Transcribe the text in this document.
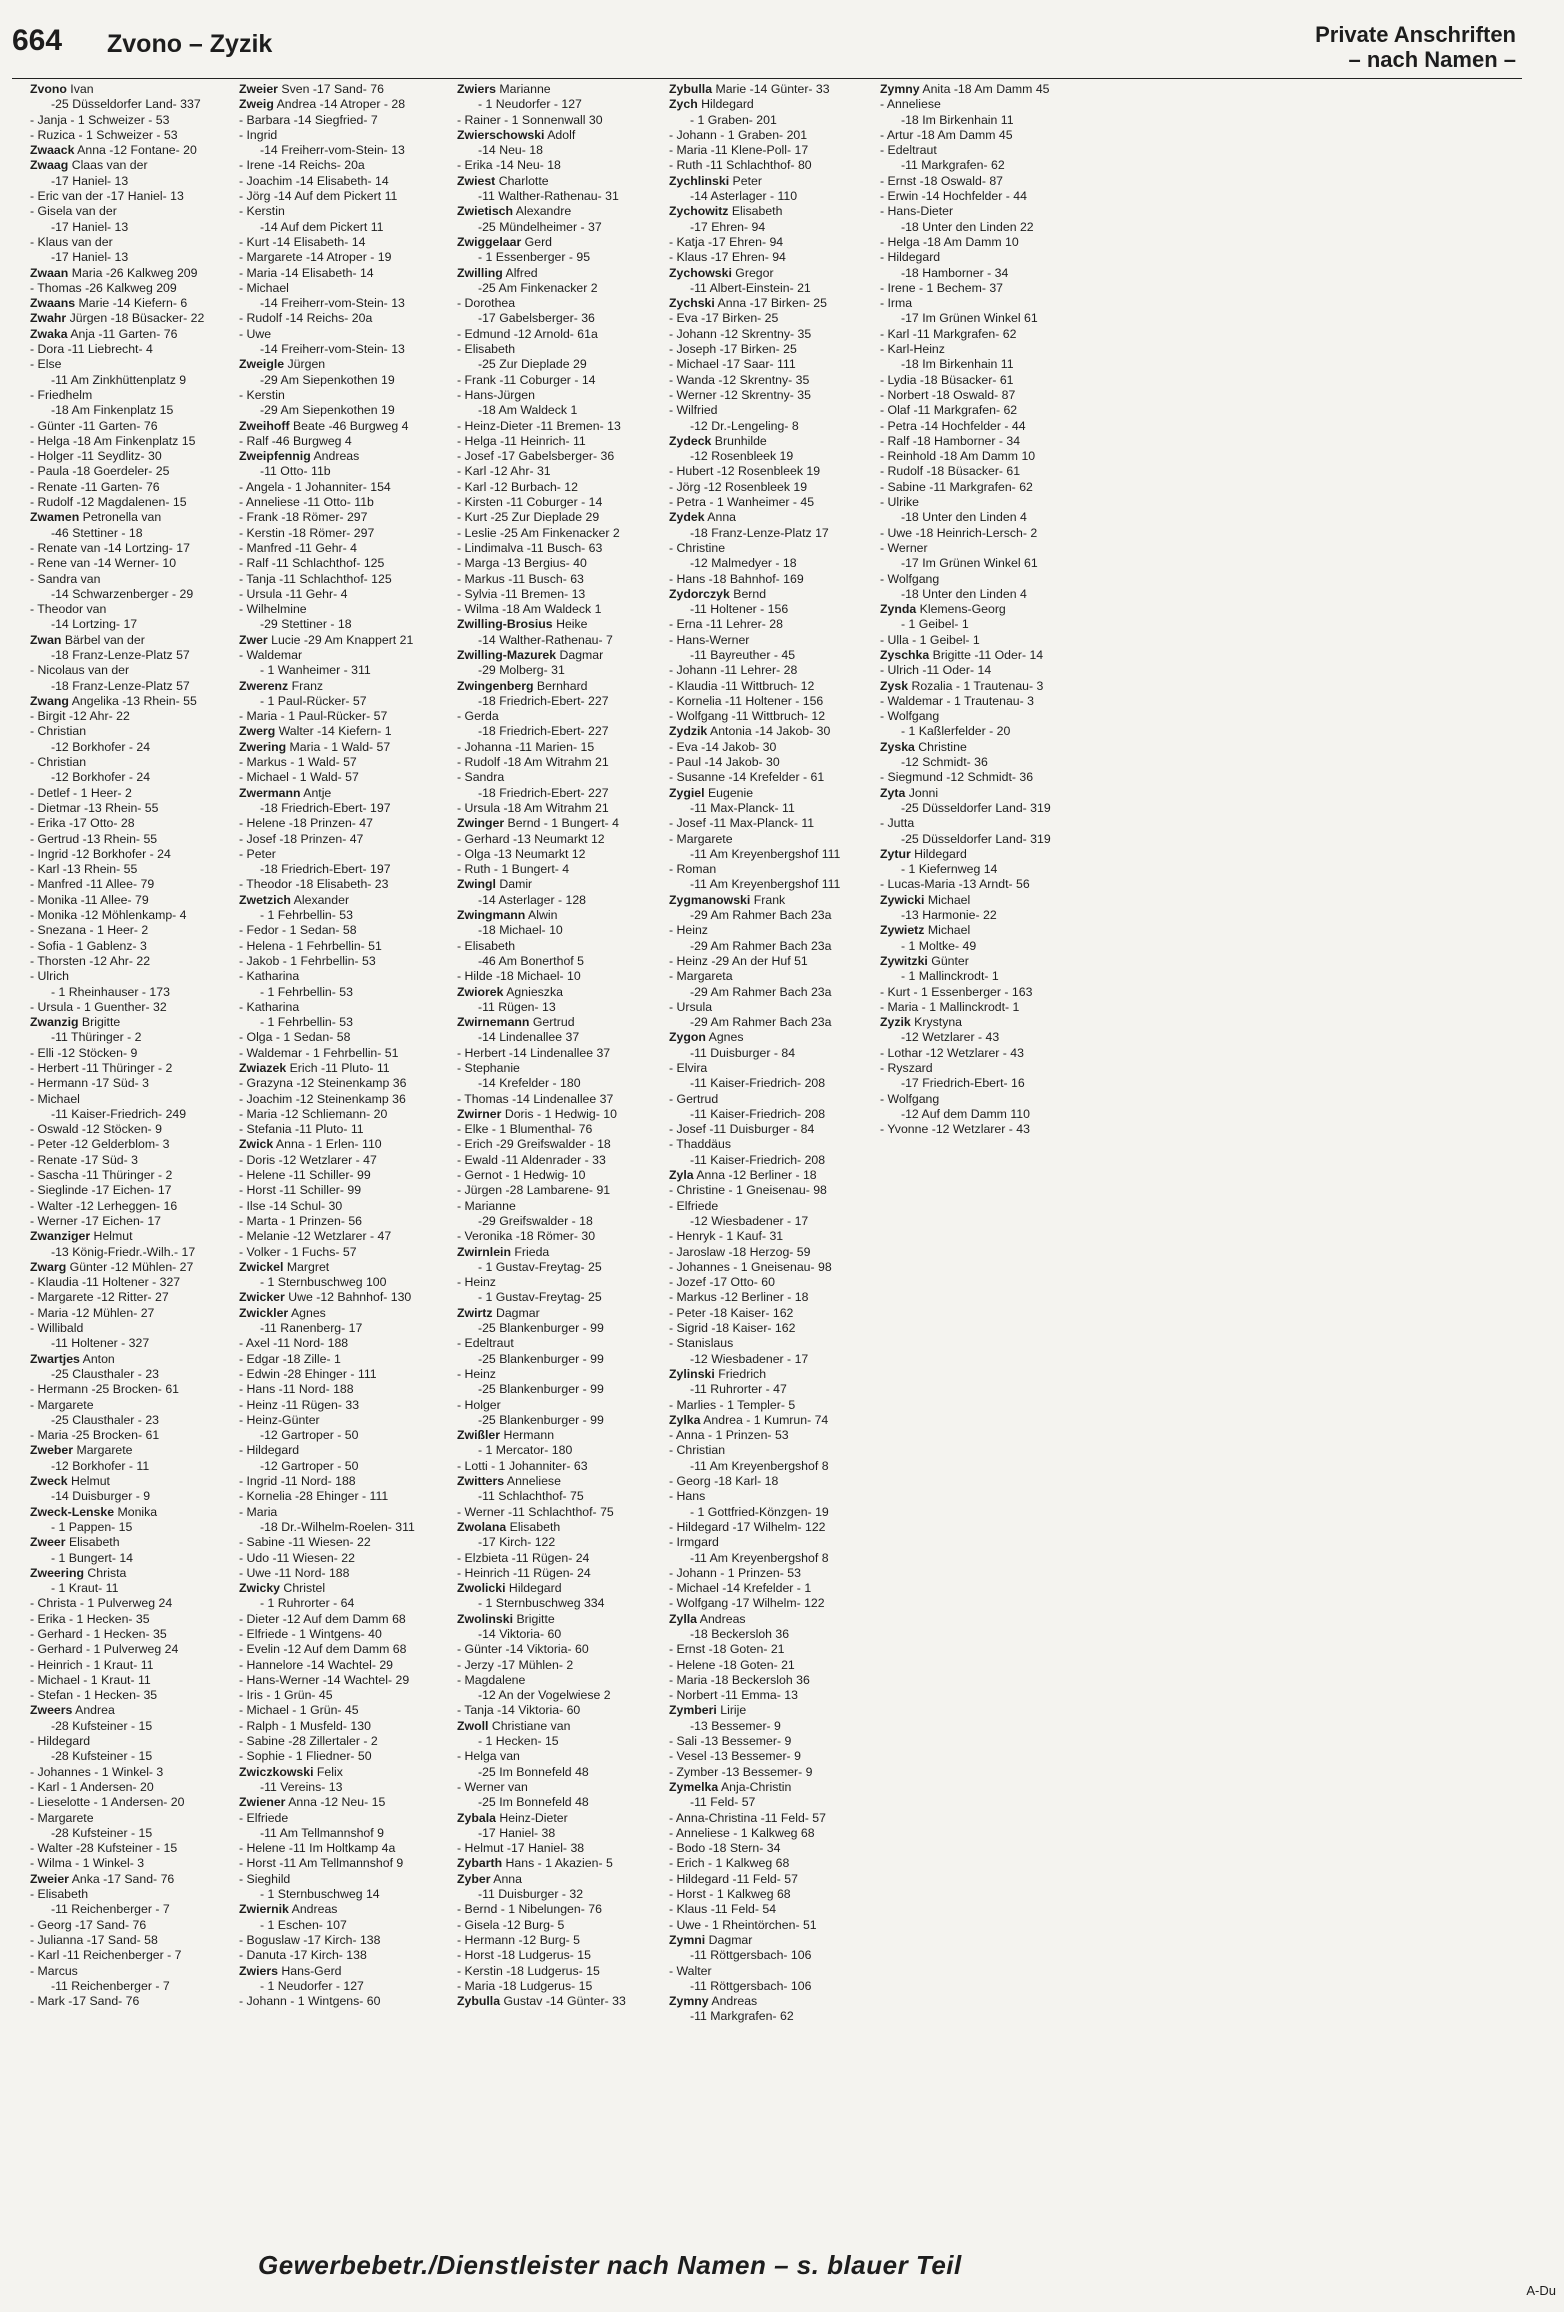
664 Zvono – Zyzik	Private Anschriften
– nach Namen –
Zvono Ivan
-25 Düsseldorfer Land- 337
- Janja - 1 Schweizer - 53
- Ruzica - 1 Schweizer - 53
Zwaack Anna -12 Fontane- 20
Zwaag Claas van der
-17 Haniel- 13
- Eric van der -17 Haniel- 13
- Gisela van der
-17 Haniel- 13
- Klaus van der
-17 Haniel- 13
Zwaan Maria -26 Kalkweg 209
- Thomas -26 Kalkweg 209
Zwaans Marie -14 Kiefern- 6
Zwahr Jürgen -18 Büsacker- 22
Zwaka Anja -11 Garten- 76
- Dora -11 Liebrecht- 4
- Else
-11 Am Zinkhüttenplatz 9
- Friedhelm
-18 Am Finkenplatz 15
- Günter -11 Garten- 76
- Helga -18 Am Finkenplatz 15
- Holger -11 Seydlitz- 30
- Paula -18 Goerdeler- 25
- Renate -11 Garten- 76
- Rudolf -12 Magdalenen- 15
Zwamen Petronella van
-46 Stettiner - 18
- Renate van -14 Lortzing- 17
- Rene van -14 Werner- 10
- Sandra van
-14 Schwarzenberger - 29
- Theodor van
-14 Lortzing- 17
Zwan Bärbel van der
-18 Franz-Lenze-Platz 57
- Nicolaus van der
-18 Franz-Lenze-Platz 57
Zwang Angelika -13 Rhein- 55
- Birgit -12 Ahr- 22
- Christian
-12 Borkhofer - 24
- Christian
-12 Borkhofer - 24
- Detlef - 1 Heer- 2
- Dietmar -13 Rhein- 55
- Erika -17 Otto- 28
- Gertrud -13 Rhein- 55
- Ingrid -12 Borkhofer - 24
- Karl -13 Rhein- 55
- Manfred -11 Allee- 79
- Monika -11 Allee- 79
- Monika -12 Möhlenkamp- 4
- Snezana - 1 Heer- 2
- Sofia - 1 Gablenz- 3
- Thorsten -12 Ahr- 22
- Ulrich
- 1 Rheinhauser - 173
- Ursula - 1 Guenther- 32
Zwanzig Brigitte
-11 Thüringer - 2
- Elli -12 Stöcken- 9
- Herbert -11 Thüringer - 2
- Hermann -17 Süd- 3
- Michael
-11 Kaiser-Friedrich- 249
- Oswald -12 Stöcken- 9
- Peter -12 Gelderblom- 3
- Renate -17 Süd- 3
- Sascha -11 Thüringer - 2
- Sieglinde -17 Eichen- 17
- Walter -12 Lerheggen- 16
- Werner -17 Eichen- 17
Zwanziger Helmut
-13 König-Friedr.-Wilh.- 17
Zwarg Günter -12 Mühlen- 27
- Klaudia -11 Holtener - 327
- Margarete -12 Ritter- 27
- Maria -12 Mühlen- 27
- Willibald
-11 Holtener - 327
Zwartjes Anton
-25 Clausthaler - 23
- Hermann -25 Brocken- 61
- Margarete
-25 Clausthaler - 23
- Maria -25 Brocken- 61
Zweber Margarete
-12 Borkhofer - 11
Zweck Helmut
-14 Duisburger - 9
Zweck-Lenske Monika
- 1 Pappen- 15
Zweer Elisabeth
- 1 Bungert- 14
Zweering Christa
- 1 Kraut- 11
- Christa - 1 Pulverweg 24
- Erika - 1 Hecken- 35
- Gerhard - 1 Hecken- 35
- Gerhard - 1 Pulverweg 24
- Heinrich - 1 Kraut- 11
- Michael - 1 Kraut- 11
- Stefan - 1 Hecken- 35
Zweers Andrea
-28 Kufsteiner - 15
- Hildegard
-28 Kufsteiner - 15
- Johannes - 1 Winkel- 3
- Karl - 1 Andersen- 20
- Lieselotte - 1 Andersen- 20
- Margarete
-28 Kufsteiner - 15
- Walter -28 Kufsteiner - 15
- Wilma - 1 Winkel- 3
Zweier Anka -17 Sand- 76
- Elisabeth
-11 Reichenberger - 7
- Georg -17 Sand- 76
- Julianna -17 Sand- 58
- Karl -11 Reichenberger - 7
- Marcus
-11 Reichenberger - 7
- Mark -17 Sand- 76
Zweier Sven -17 Sand- 76
Zweig Andrea -14 Atroper - 28
- Barbara -14 Siegfried- 7
- Ingrid
-14 Freiherr-vom-Stein- 13
- Irene -14 Reichs- 20a
- Joachim -14 Elisabeth- 14
- Jörg -14 Auf dem Pickert 11
- Kerstin
-14 Auf dem Pickert 11
- Kurt -14 Elisabeth- 14
- Margarete -14 Atroper - 19
- Maria -14 Elisabeth- 14
- Michael
-14 Freiherr-vom-Stein- 13
- Rudolf -14 Reichs- 20a
- Uwe
-14 Freiherr-vom-Stein- 13
Zweigle Jürgen
-29 Am Siepenkothen 19
- Kerstin
-29 Am Siepenkothen 19
Zweihoff Beate -46 Burgweg 4
- Ralf -46 Burgweg 4
Zweipfennig Andreas
-11 Otto- 11b
- Angela - 1 Johanniter- 154
- Anneliese -11 Otto- 11b
- Frank -18 Römer- 297
- Kerstin -18 Römer- 297
- Manfred -11 Gehr- 4
- Ralf -11 Schlachthof- 125
- Tanja -11 Schlachthof- 125
- Ursula -11 Gehr- 4
- Wilhelmine
-29 Stettiner - 18
Zwer Lucie -29 Am Knappert 21
- Waldemar
- 1 Wanheimer - 311
Zwerenz Franz
- 1 Paul-Rücker- 57
- Maria - 1 Paul-Rücker- 57
Zwerg Walter -14 Kiefern- 1
Zwering Maria - 1 Wald- 57
- Markus - 1 Wald- 57
- Michael - 1 Wald- 57
Zwermann Antje
-18 Friedrich-Ebert- 197
- Helene -18 Prinzen- 47
- Josef -18 Prinzen- 47
- Peter
-18 Friedrich-Ebert- 197
- Theodor -18 Elisabeth- 23
Zwetzich Alexander
- 1 Fehrbellin- 53
- Fedor - 1 Sedan- 58
- Helena - 1 Fehrbellin- 51
- Jakob - 1 Fehrbellin- 53
- Katharina
- 1 Fehrbellin- 53
- Katharina
- 1 Fehrbellin- 53
- Olga - 1 Sedan- 58
- Waldemar - 1 Fehrbellin- 51
Zwiazek Erich -11 Pluto- 11
- Grazyna -12 Steinenkamp 36
- Joachim -12 Steinenkamp 36
- Maria -12 Schliemann- 20
- Stefania -11 Pluto- 11
Zwick Anna - 1 Erlen- 110
- Doris -12 Wetzlarer - 47
- Helene -11 Schiller- 99
- Horst -11 Schiller- 99
- Ilse -14 Schul- 30
- Marta - 1 Prinzen- 56
- Melanie -12 Wetzlarer - 47
- Volker - 1 Fuchs- 57
Zwickel Margret
- 1 Sternbuschweg 100
Zwicker Uwe -12 Bahnhof- 130
Zwickler Agnes
-11 Ranenberg- 17
- Axel -11 Nord- 188
- Edgar -18 Zille- 1
- Edwin -28 Ehinger - 111
- Hans -11 Nord- 188
- Heinz -11 Rügen- 33
- Heinz-Günter
-12 Gartroper - 50
- Hildegard
-12 Gartroper - 50
- Ingrid -11 Nord- 188
- Kornelia -28 Ehinger - 111
- Maria
-18 Dr.-Wilhelm-Roelen- 311
- Sabine -11 Wiesen- 22
- Udo -11 Wiesen- 22
- Uwe -11 Nord- 188
Zwicky Christel
- 1 Ruhrorter - 64
- Dieter -12 Auf dem Damm 68
- Elfriede - 1 Wintgens- 40
- Evelin -12 Auf dem Damm 68
- Hannelore -14 Wachtel- 29
- Hans-Werner -14 Wachtel- 29
- Iris - 1 Grün- 45
- Michael - 1 Grün- 45
- Ralph - 1 Musfeld- 130
- Sabine -28 Zillertaler - 2
- Sophie - 1 Fliedner- 50
Zwiczkowski Felix
-11 Vereins- 13
Zwiener Anna -12 Neu- 15
- Elfriede
-11 Am Tellmannshof 9
- Helene -11 Im Holtkamp 4a
- Horst -11 Am Tellmannshof 9
- Sieghild
- 1 Sternbuschweg 14
Zwiernik Andreas
- 1 Eschen- 107
- Boguslaw -17 Kirch- 138
- Danuta -17 Kirch- 138
Zwiers Hans-Gerd
- 1 Neudorfer - 127
- Johann - 1 Wintgens- 60
Zwiers Marianne
- 1 Neudorfer - 127
- Rainer - 1 Sonnenwall 30
Zwierschowski Adolf
-14 Neu- 18
- Erika -14 Neu- 18
Zwiest Charlotte
-11 Walther-Rathenau- 31
Zwietisch Alexandre
-25 Mündelheimer - 37
Zwiggelaar Gerd
- 1 Essenberger - 95
Zwilling Alfred
-25 Am Finkenacker 2
- Dorothea
-17 Gabelsberger- 36
- Edmund -12 Arnold- 61a
- Elisabeth
-25 Zur Dieplade 29
- Frank -11 Coburger - 14
- Hans-Jürgen
-18 Am Waldeck 1
- Heinz-Dieter -11 Bremen- 13
- Helga -11 Heinrich- 11
- Josef -17 Gabelsberger- 36
- Karl -12 Ahr- 31
- Karl -12 Burbach- 12
- Kirsten -11 Coburger - 14
- Kurt -25 Zur Dieplade 29
- Leslie -25 Am Finkenacker 2
- Lindimalva -11 Busch- 63
- Marga -13 Bergius- 40
- Markus -11 Busch- 63
- Sylvia -11 Bremen- 13
- Wilma -18 Am Waldeck 1
Zwilling-Brosius Heike
-14 Walther-Rathenau- 7
Zwilling-Mazurek Dagmar
-29 Molberg- 31
Zwingenberg Bernhard
-18 Friedrich-Ebert- 227
- Gerda
-18 Friedrich-Ebert- 227
- Johanna -11 Marien- 15
- Rudolf -18 Am Witrahm 21
- Sandra
-18 Friedrich-Ebert- 227
- Ursula -18 Am Witrahm 21
Zwinger Bernd - 1 Bungert- 4
- Gerhard -13 Neumarkt 12
- Olga -13 Neumarkt 12
- Ruth - 1 Bungert- 4
Zwingl Damir
-14 Asterlager - 128
Zwingmann Alwin
-18 Michael- 10
- Elisabeth
-46 Am Bonerthof 5
- Hilde -18 Michael- 10
Zwiorek Agnieszka
-11 Rügen- 13
Zwirnemann Gertrud
-14 Lindenallee 37
- Herbert -14 Lindenallee 37
- Stephanie
-14 Krefelder - 180
- Thomas -14 Lindenallee 37
Zwirner Doris - 1 Hedwig- 10
- Elke - 1 Blumenthal- 76
- Erich -29 Greifswalder - 18
- Ewald -11 Aldenrader - 33
- Gernot - 1 Hedwig- 10
- Jürgen -28 Lambarene- 91
- Marianne
-29 Greifswalder - 18
- Veronika -18 Römer- 30
Zwirnlein Frieda
- 1 Gustav-Freytag- 25
- Heinz
- 1 Gustav-Freytag- 25
Zwirtz Dagmar
-25 Blankenburger - 99
- Edeltraut
-25 Blankenburger - 99
- Heinz
-25 Blankenburger - 99
- Holger
-25 Blankenburger - 99
Zwißler Hermann
- 1 Mercator- 180
- Lotti - 1 Johanniter- 63
Zwitters Anneliese
-11 Schlachthof- 75
- Werner -11 Schlachthof- 75
Zwolana Elisabeth
-17 Kirch- 122
- Elzbieta -11 Rügen- 24
- Heinrich -11 Rügen- 24
Zwolicki Hildegard
- 1 Sternbuschweg 334
Zwolinski Brigitte
-14 Viktoria- 60
- Günter -14 Viktoria- 60
- Jerzy -17 Mühlen- 2
- Magdalene
-12 An der Vogelwiese 2
- Tanja -14 Viktoria- 60
Zwoll Christiane van
- 1 Hecken- 15
- Helga van
-25 Im Bonnefeld 48
- Werner van
-25 Im Bonnefeld 48
Zybala Heinz-Dieter
-17 Haniel- 38
- Helmut -17 Haniel- 38
Zybarth Hans - 1 Akazien- 5
Zyber Anna
-11 Duisburger - 32
- Bernd - 1 Nibelungen- 76
- Gisela -12 Burg- 5
- Hermann -12 Burg- 5
- Horst -18 Ludgerus- 15
- Kerstin -18 Ludgerus- 15
- Maria -18 Ludgerus- 15
Zybulla Gustav -14 Günter- 33
Zybulla Marie -14 Günter- 33
Zych Hildegard
- 1 Graben- 201
- Johann - 1 Graben- 201
- Maria -11 Klene-Poll- 17
- Ruth -11 Schlachthof- 80
Zychlinski Peter
-14 Asterlager - 110
Zychowitz Elisabeth
-17 Ehren- 94
- Katja -17 Ehren- 94
- Klaus -17 Ehren- 94
Zychowski Gregor
-11 Albert-Einstein- 21
Zychski Anna -17 Birken- 25
- Eva -17 Birken- 25
- Johann -12 Skrentny- 35
- Joseph -17 Birken- 25
- Michael -17 Saar- 111
- Wanda -12 Skrentny- 35
- Werner -12 Skrentny- 35
- Wilfried
-12 Dr.-Lengeling- 8
Zydeck Brunhilde
-12 Rosenbleek 19
- Hubert -12 Rosenbleek 19
- Jörg -12 Rosenbleek 19
- Petra - 1 Wanheimer - 45
Zydek Anna
-18 Franz-Lenze-Platz 17
- Christine
-12 Malmedyer - 18
- Hans -18 Bahnhof- 169
Zydorczyk Bernd
-11 Holtener - 156
- Erna -11 Lehrer- 28
- Hans-Werner
-11 Bayreuther - 45
- Johann -11 Lehrer- 28
- Klaudia -11 Wittbruch- 12
- Kornelia -11 Holtener - 156
- Wolfgang -11 Wittbruch- 12
Zydzik Antonia -14 Jakob- 30
- Eva -14 Jakob- 30
- Paul -14 Jakob- 30
- Susanne -14 Krefelder - 61
Zygiel Eugenie
-11 Max-Planck- 11
- Josef -11 Max-Planck- 11
- Margarete
-11 Am Kreyenbergshof 111
- Roman
-11 Am Kreyenbergshof 111
Zygmanowski Frank
-29 Am Rahmer Bach 23a
- Heinz
-29 Am Rahmer Bach 23a
- Heinz -29 An der Huf 51
- Margareta
-29 Am Rahmer Bach 23a
- Ursula
-29 Am Rahmer Bach 23a
Zygon Agnes
-11 Duisburger - 84
- Elvira
-11 Kaiser-Friedrich- 208
- Gertrud
-11 Kaiser-Friedrich- 208
- Josef -11 Duisburger - 84
- Thaddäus
-11 Kaiser-Friedrich- 208
Zyla Anna -12 Berliner - 18
- Christine - 1 Gneisenau- 98
- Elfriede
-12 Wiesbadener - 17
- Henryk - 1 Kauf- 31
- Jaroslaw -18 Herzog- 59
- Johannes - 1 Gneisenau- 98
- Jozef -17 Otto- 60
- Markus -12 Berliner - 18
- Peter -18 Kaiser- 162
- Sigrid -18 Kaiser- 162
- Stanislaus
-12 Wiesbadener - 17
Zylinski Friedrich
-11 Ruhrorter - 47
- Marlies - 1 Templer- 5
Zylka Andrea - 1 Kumrun- 74
- Anna - 1 Prinzen- 53
- Christian
-11 Am Kreyenbergshof 8
- Georg -18 Karl- 18
- Hans
- 1 Gottfried-Könzgen- 19
- Hildegard -17 Wilhelm- 122
- Irmgard
-11 Am Kreyenbergshof 8
- Johann - 1 Prinzen- 53
- Michael -14 Krefelder - 1
- Wolfgang -17 Wilhelm- 122
Zylla Andreas
-18 Beckersloh 36
- Ernst -18 Goten- 21
- Helene -18 Goten- 21
- Maria -18 Beckersloh 36
- Norbert -11 Emma- 13
Zymberi Lirije
-13 Bessemer- 9
- Sali -13 Bessemer- 9
- Vesel -13 Bessemer- 9
- Zymber -13 Bessemer- 9
Zymelka Anja-Christin
-11 Feld- 57
- Anna-Christina -11 Feld- 57
- Anneliese - 1 Kalkweg 68
- Bodo -18 Stern- 34
- Erich - 1 Kalkweg 68
- Hildegard -11 Feld- 57
- Horst - 1 Kalkweg 68
- Klaus -11 Feld- 54
- Uwe - 1 Rheintörchen- 51
Zymni Dagmar
-11 Röttgersbach- 106
- Walter
-11 Röttgersbach- 106
Zymny Andreas
-11 Markgrafen- 62
Zymny Anita -18 Am Damm 45
- Anneliese
-18 Im Birkenhain 11
- Artur -18 Am Damm 45
- Edeltraut
-11 Markgrafen- 62
- Ernst -18 Oswald- 87
- Erwin -14 Hochfelder - 44
- Hans-Dieter
-18 Unter den Linden 22
- Helga -18 Am Damm 10
- Hildegard
-18 Hamborner - 34
- Irene - 1 Bechem- 37
- Irma
-17 Im Grünen Winkel 61
- Karl -11 Markgrafen- 62
- Karl-Heinz
-18 Im Birkenhain 11
- Lydia -18 Büsacker- 61
- Norbert -18 Oswald- 87
- Olaf -11 Markgrafen- 62
- Petra -14 Hochfelder - 44
- Ralf -18 Hamborner - 34
- Reinhold -18 Am Damm 10
- Rudolf -18 Büsacker- 61
- Sabine -11 Markgrafen- 62
- Ulrike
-18 Unter den Linden 4
- Uwe -18 Heinrich-Lersch- 2
- Werner
-17 Im Grünen Winkel 61
- Wolfgang
-18 Unter den Linden 4
Zynda Klemens-Georg
- 1 Geibel- 1
- Ulla - 1 Geibel- 1
Zyschka Brigitte -11 Oder- 14
- Ulrich -11 Oder- 14
Zysk Rozalia - 1 Trautenau- 3
- Waldemar - 1 Trautenau- 3
- Wolfgang
- 1 Kaßlerfelder - 20
Zyska Christine
-12 Schmidt- 36
- Siegmund -12 Schmidt- 36
Zyta Jonni
-25 Düsseldorfer Land- 319
- Jutta
-25 Düsseldorfer Land- 319
Zytur Hildegard
- 1 Kiefernweg 14
- Lucas-Maria -13 Arndt- 56
Zywicki Michael
-13 Harmonie- 22
Zywietz Michael
- 1 Moltke- 49
Zywitzki Günter
- 1 Mallinckrodt- 1
- Kurt - 1 Essenberger - 163
- Maria - 1 Mallinckrodt- 1
Zyzik Krystyna
-12 Wetzlarer - 43
- Lothar -12 Wetzlarer - 43
- Ryszard
-17 Friedrich-Ebert- 16
- Wolfgang
-12 Auf dem Damm 110
- Yvonne -12 Wetzlarer - 43
Gewerbebetr./Dienstleister nach Namen – s. blauer Teil
A-Du
